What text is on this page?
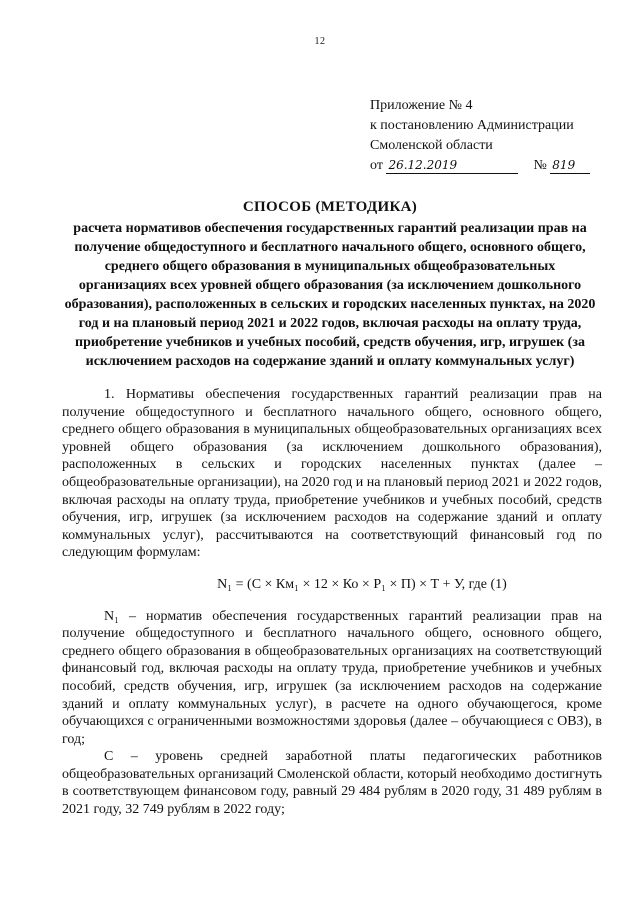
12
Приложение № 4
к постановлению Администрации
Смоленской области
от 26.12.2019	№ 819
СПОСОБ (МЕТОДИКА)
расчета нормативов обеспечения государственных гарантий реализации прав на получение общедоступного и бесплатного начального общего, основного общего, среднего общего образования в муниципальных общеобразовательных организациях всех уровней общего образования (за исключением дошкольного образования), расположенных в сельских и городских населенных пунктах, на 2020 год и на плановый период 2021 и 2022 годов, включая расходы на оплату труда, приобретение учебников и учебных пособий, средств обучения, игр, игрушек (за исключением расходов на содержание зданий и оплату коммунальных услуг)

1. Нормативы обеспечения государственных гарантий реализации прав на получение общедоступного и бесплатного начального общего, основного общего, среднего общего образования в муниципальных общеобразовательных организациях всех уровней общего образования (за исключением дошкольного образования), расположенных в сельских и городских населенных пунктах (далее – общеобразовательные организации), на 2020 год и на плановый период 2021 и 2022 годов, включая расходы на оплату труда, приобретение учебников и учебных пособий, средств обучения, игр, игрушек (за исключением расходов на содержание зданий и оплату коммунальных услуг), рассчитываются на соответствующий финансовый год по следующим формулам:

N₁ = (С × Км₁ × 12 × Ко × Р₁ × П) × Т + У, где (1)

N₁ – норматив обеспечения государственных гарантий реализации прав на получение общедоступного и бесплатного начального общего, основного общего, среднего общего образования в общеобразовательных организациях на соответствующий финансовый год, включая расходы на оплату труда, приобретение учебников и учебных пособий, средств обучения, игр, игрушек (за исключением расходов на содержание зданий и оплату коммунальных услуг), в расчете на одного обучающегося, кроме обучающихся с ограниченными возможностями здоровья (далее – обучающиеся с ОВЗ), в год;

С – уровень средней заработной платы педагогических работников общеобразовательных организаций Смоленской области, который необходимо достигнуть в соответствующем финансовом году, равный 29 484 рублям в 2020 году, 31 489 рублям в 2021 году, 32 749 рублям в 2022 году;
